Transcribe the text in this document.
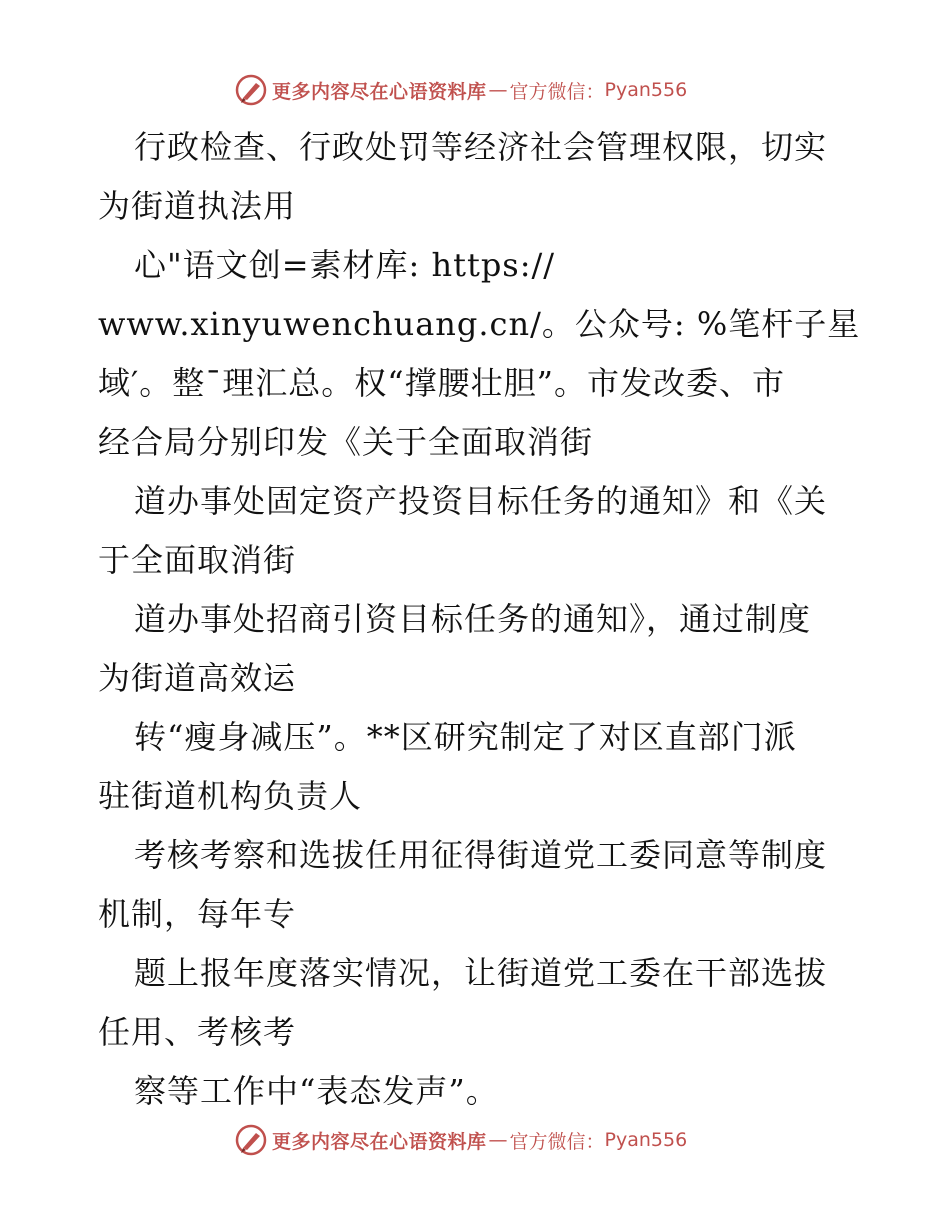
更多内容尽在心语资料库 — 官方微信： Pyan556
行政检查、行政处罚等经济社会管理权限，切实
为街道执法用
心"语文创=素材库: https://
www.xinyuwenchuang.cn/。公众号: %笔杆子星
域′。整¯理汇总。权“撑腰壮胆”。市发改委、市
经合局分别印发《关于全面取消街
道办事处固定资产投资目标任务的通知》和《关
于全面取消街
道办事处招商引资目标任务的通知》，通过制度
为街道高效运
转“瘦身减压”。**区研究制定了对区直部门派
驻街道机构负责人
考核考察和选拔任用征得街道党工委同意等制度
机制，每年专
题上报年度落实情况，让街道党工委在干部选拔
任用、考核考
察等工作中“表态发声”。
更多内容尽在心语资料库 — 官方微信： Pyan556
